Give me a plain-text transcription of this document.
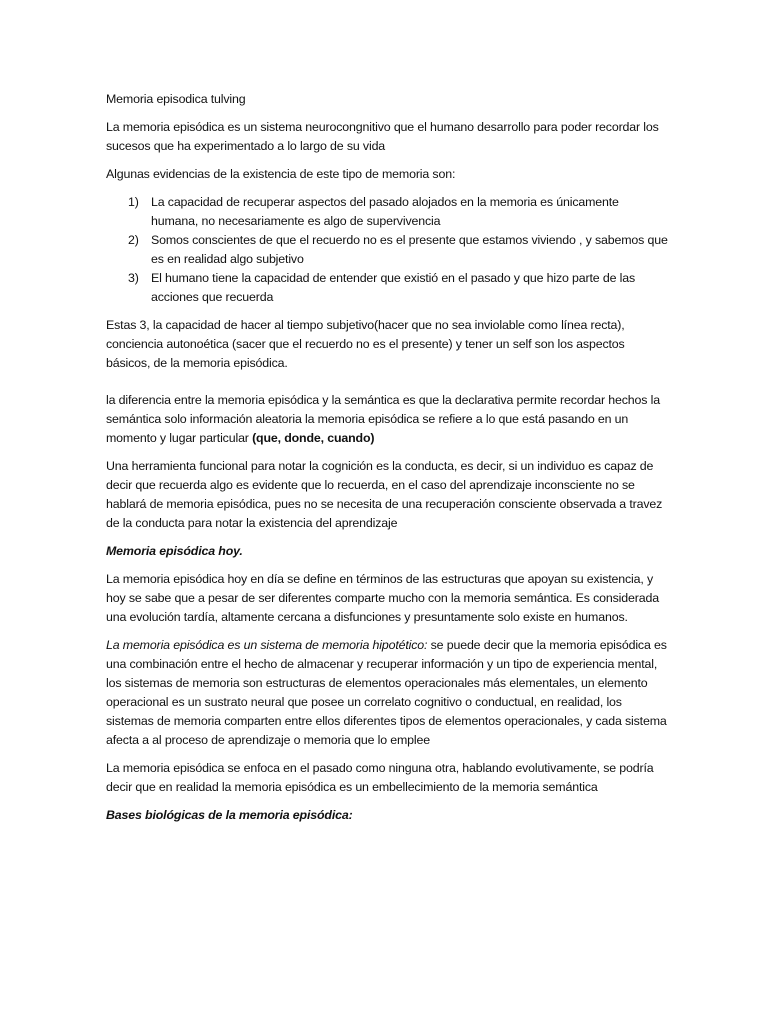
Memoria episodica tulving

La memoria episódica es un sistema neurocongnitivo que el humano desarrollo para poder recordar los sucesos que ha experimentado a lo largo de su vida

Algunas evidencias de la existencia de este tipo de memoria son:

1) La capacidad de recuperar aspectos del pasado alojados en la memoria es únicamente humana, no necesariamente es algo de supervivencia
2) Somos conscientes de que el recuerdo no es el presente que estamos viviendo , y sabemos que es en realidad algo subjetivo
3) El humano tiene la capacidad de entender que existió en el pasado y que hizo parte de las acciones que recuerda

Estas 3, la capacidad de hacer al tiempo subjetivo(hacer que no sea inviolable como línea recta), conciencia autonoética (sacer que el recuerdo no es el presente) y tener un self son los aspectos básicos, de la memoria episódica.

la diferencia entre la memoria episódica y la semántica es que la declarativa permite recordar hechos la semántica solo información aleatoria la memoria episódica se refiere a lo que está pasando en un momento y lugar particular (que, donde, cuando)

Una herramienta funcional para notar la cognición es la conducta, es decir, si un individuo es capaz de decir que recuerda algo es evidente que lo recuerda, en el caso del aprendizaje inconsciente no se hablará de memoria episódica, pues no se necesita de una recuperación consciente observada a travez de la conducta para notar la existencia del aprendizaje

Memoria episódica hoy.

La memoria episódica hoy en día se define en términos de las estructuras que apoyan su existencia, y hoy se sabe que a pesar de ser diferentes comparte mucho con la memoria semántica. Es considerada una evolución tardía, altamente cercana a disfunciones y presuntamente solo existe en humanos.

La memoria episódica es un sistema de memoria hipotético: se puede decir que la memoria episódica es una combinación entre el hecho de almacenar y recuperar información y un tipo de experiencia mental, los sistemas de memoria son estructuras de elementos operacionales más elementales, un elemento operacional es un sustrato neural que posee un correlato cognitivo o conductual, en realidad, los sistemas de memoria comparten entre ellos diferentes tipos de elementos operacionales, y cada sistema afecta a al proceso de aprendizaje o memoria que lo emplee

La memoria episódica se enfoca en el pasado como ninguna otra, hablando evolutivamente, se podría decir que en realidad la memoria episódica es un embellecimiento de la memoria semántica

Bases biológicas de la memoria episódica:
